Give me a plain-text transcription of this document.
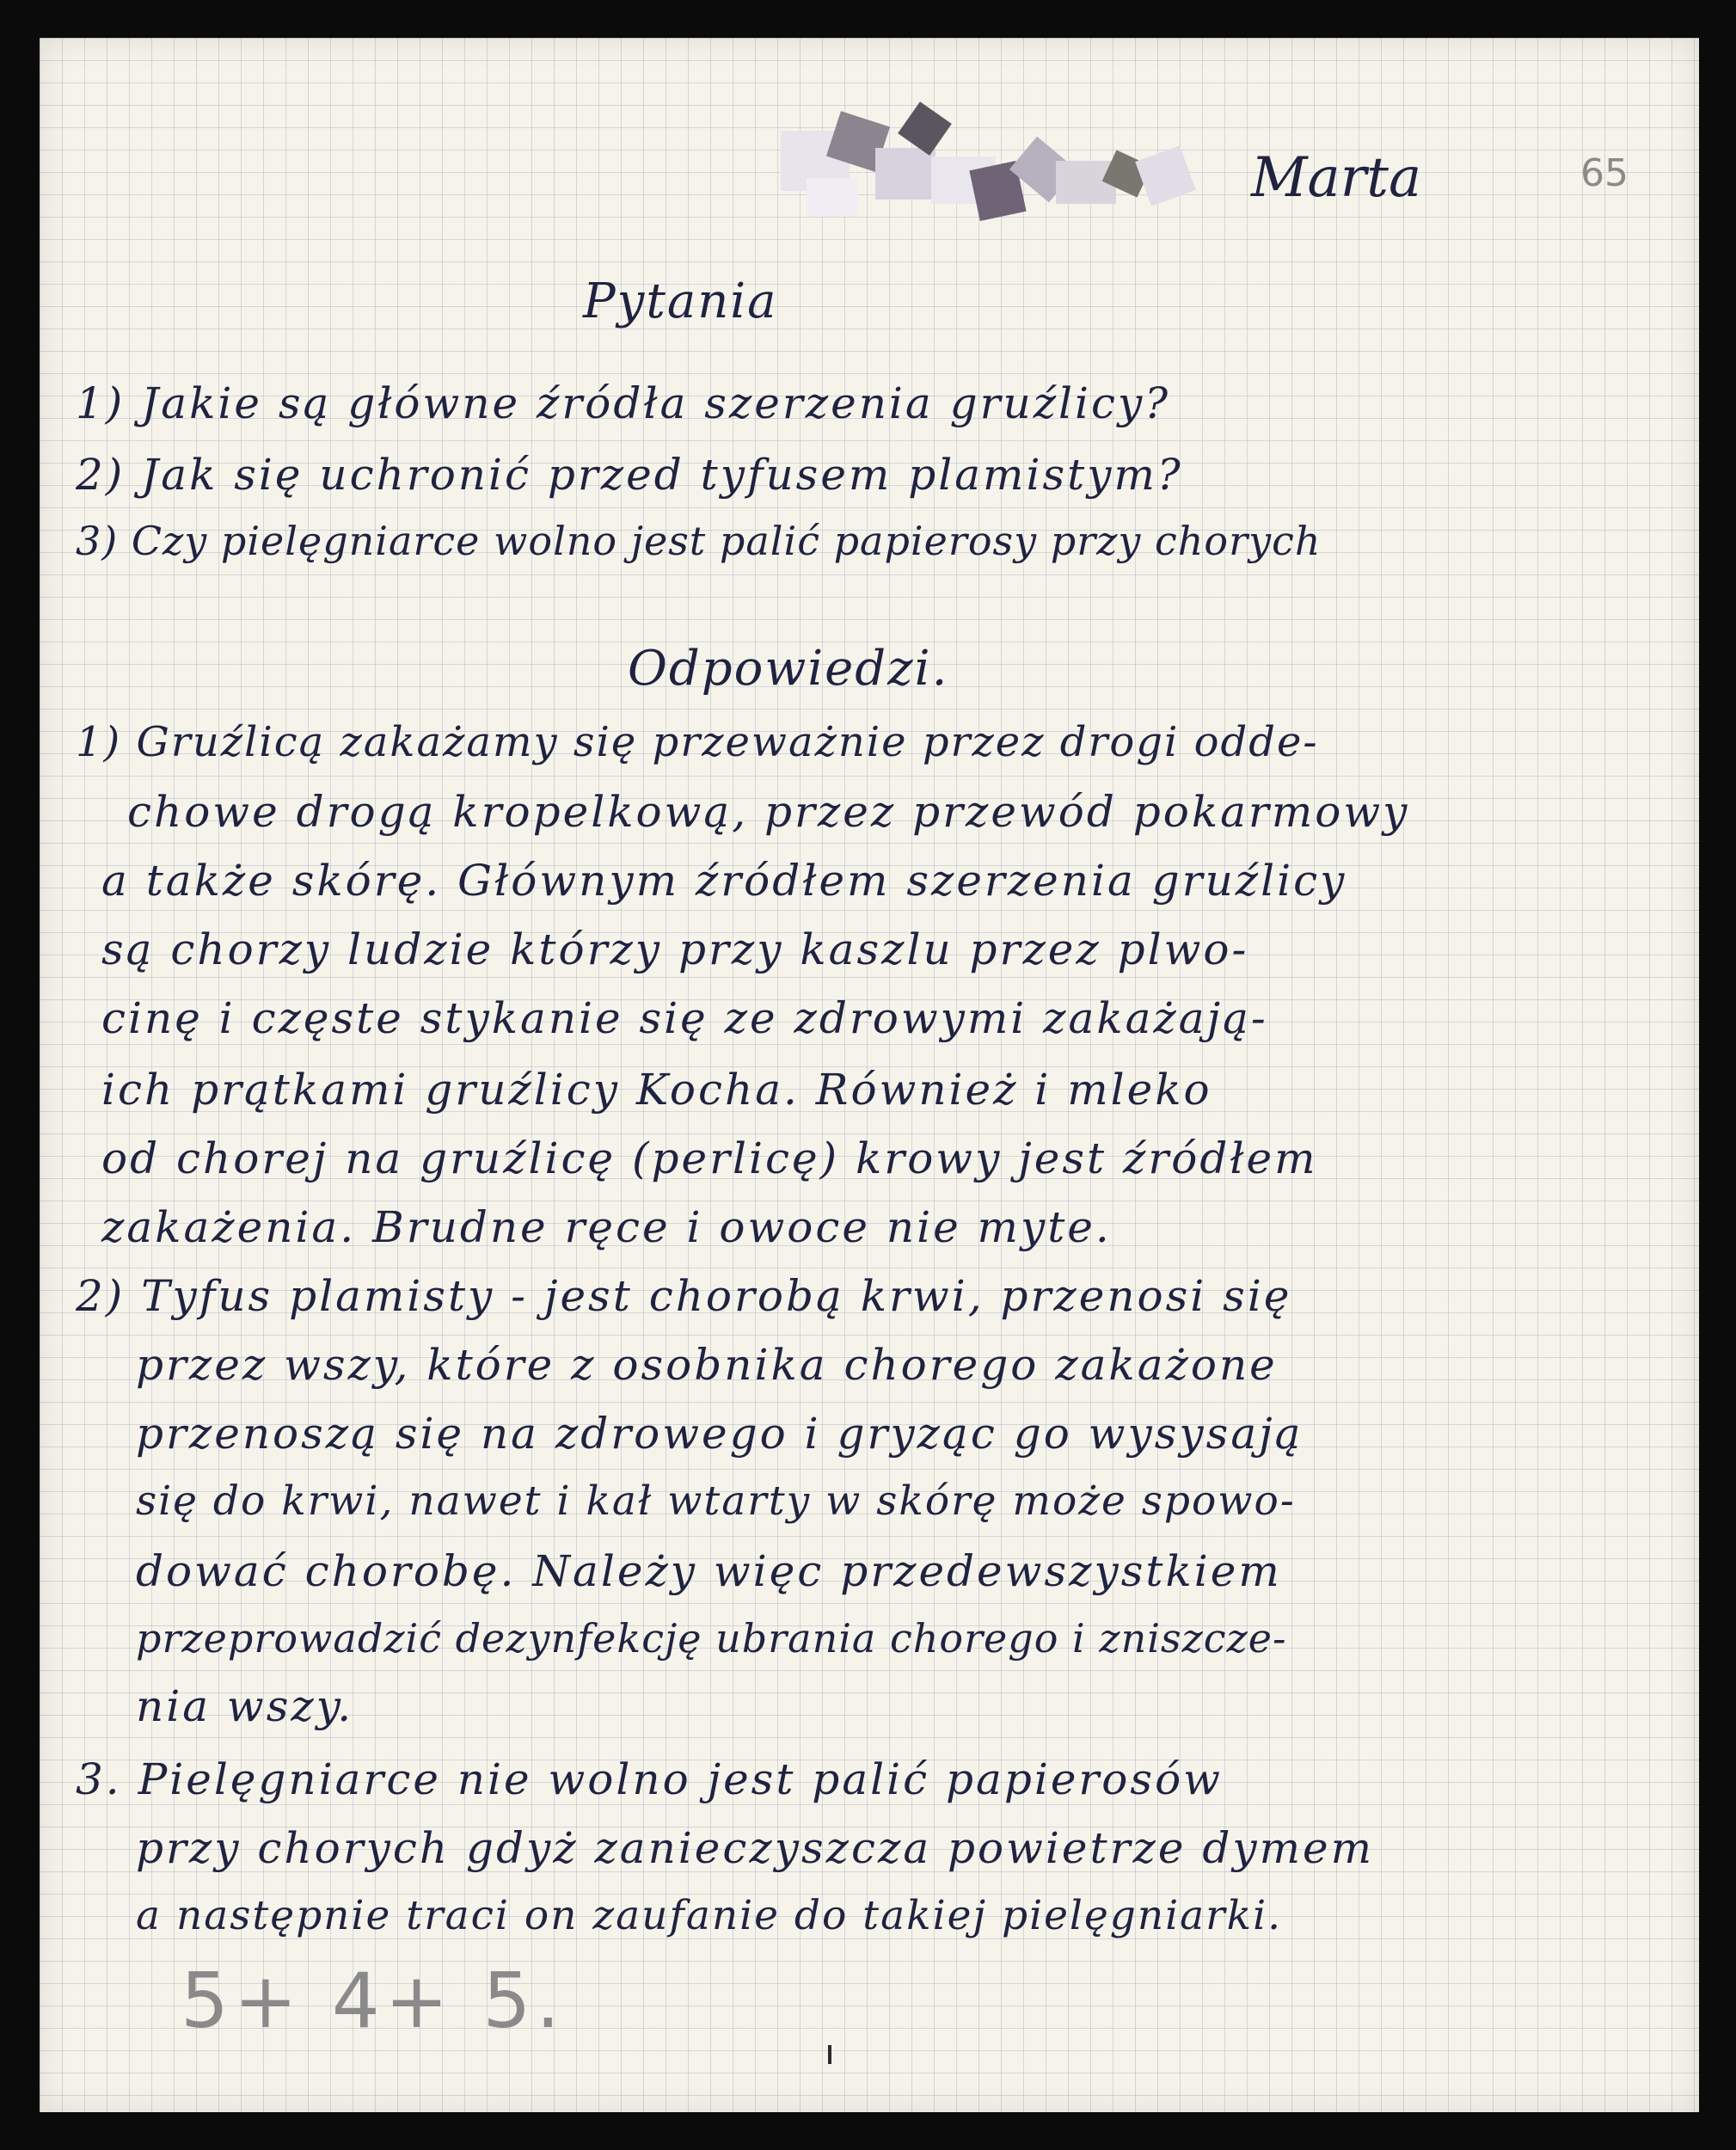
Marta	65
Pytania
1) Jakie są główne źródła szerzenia gruźlicy?
2) Jak się uchronić przed tyfusem plamistym?
3) Czy pielęgniarce wolno jest palić papierosy przy chorych
Odpowiedzi.
1) Gruźlicą zakażamy się przeważnie przez drogi odde-
chowe drogą kropelkową, przez przewód pokarmowy
a także skórę. Głównym źródłem szerzenia gruźlicy
są chorzy ludzie którzy przy kaszlu przez plwo-
cinę i częste stykanie się ze zdrowymi zakażają-
ich prątkami gruźlicy Kocha. Również i mleko
od chorej na gruźlicę (perlicę) krowy jest źródłem
zakażenia. Brudne ręce i owoce nie myte.
2) Tyfus plamisty - jest chorobą krwi, przenosi się
przez wszy, które z osobnika chorego zakażone
przenoszą się na zdrowego i gryząc go wysysają
się do krwi, nawet i kał wtarty w skórę może spowo-
dować chorobę. Należy więc przedewszystkiem
przeprowadzić dezynfekcję ubrania chorego i zniszcze-
nia wszy.
3. Pielęgniarce nie wolno jest palić papierosów
przy chorych gdyż zanieczyszcza powietrze dymem
a następnie traci on zaufanie do takiej pielęgniarki.
5+ 4+ 5.
